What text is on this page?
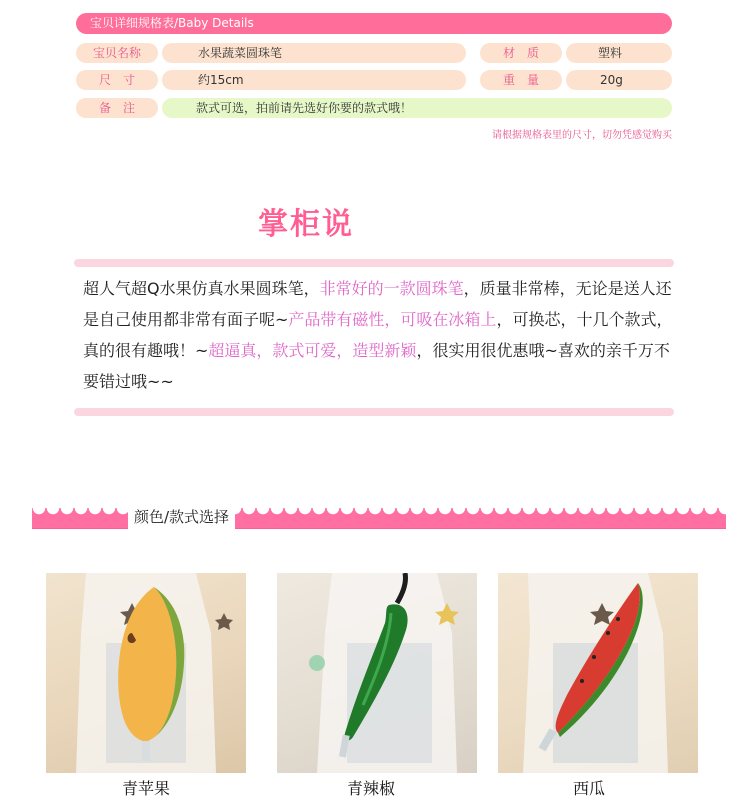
宝贝详细规格表/Baby Details
宝贝名称	水果蔬菜圆珠笔	材　质	塑料
尺　寸	约15cm	重　量	20g
备　注	款式可选，拍前请先选好你要的款式哦！
请根据规格表里的尺寸，切勿凭感觉购买
掌柜说
超人气超Q水果仿真水果圆珠笔，非常好的一款圆珠笔，质量非常棒，无论是送人还是自己使用都非常有面子呢~产品带有磁性，可吸在冰箱上，可换芯，十几个款式，真的很有趣哦！~超逼真，款式可爱，造型新颖，很实用很优惠哦~喜欢的亲千万不要错过哦~~
颜色/款式选择
青苹果	青辣椒	西瓜
